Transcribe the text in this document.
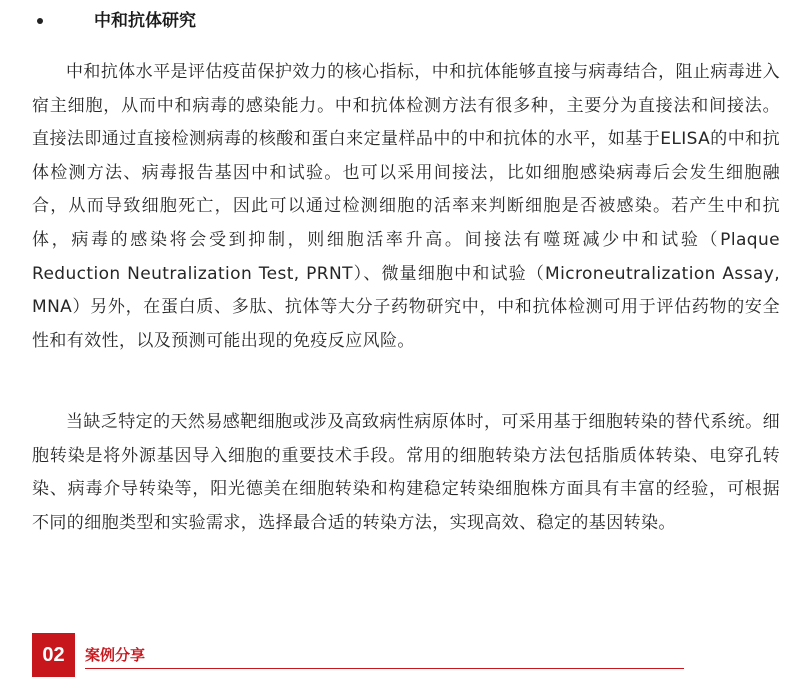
中和抗体研究

中和抗体水平是评估疫苗保护效力的核心指标，中和抗体能够直接与病毒结合，阻止病毒进入宿主细胞，从而中和病毒的感染能力。中和抗体检测方法有很多种，主要分为直接法和间接法。直接法即通过直接检测病毒的核酸和蛋白来定量样品中的中和抗体的水平，如基于ELISA的中和抗体检测方法、病毒报告基因中和试验。也可以采用间接法，比如细胞感染病毒后会发生细胞融合，从而导致细胞死亡，因此可以通过检测细胞的活率来判断细胞是否被感染。若产生中和抗体，病毒的感染将会受到抑制，则细胞活率升高。间接法有噬斑减少中和试验（Plaque Reduction Neutralization Test, PRNT）、微量细胞中和试验（Microneutralization Assay, MNA）另外，在蛋白质、多肽、抗体等大分子药物研究中，中和抗体检测可用于评估药物的安全性和有效性，以及预测可能出现的免疫反应风险。

当缺乏特定的天然易感靶细胞或涉及高致病性病原体时，可采用基于细胞转染的替代系统。细胞转染是将外源基因导入细胞的重要技术手段。常用的细胞转染方法包括脂质体转染、电穿孔转染、病毒介导转染等，阳光德美在细胞转染和构建稳定转染细胞株方面具有丰富的经验，可根据不同的细胞类型和实验需求，选择最合适的转染方法，实现高效、稳定的基因转染。

02	案例分享
